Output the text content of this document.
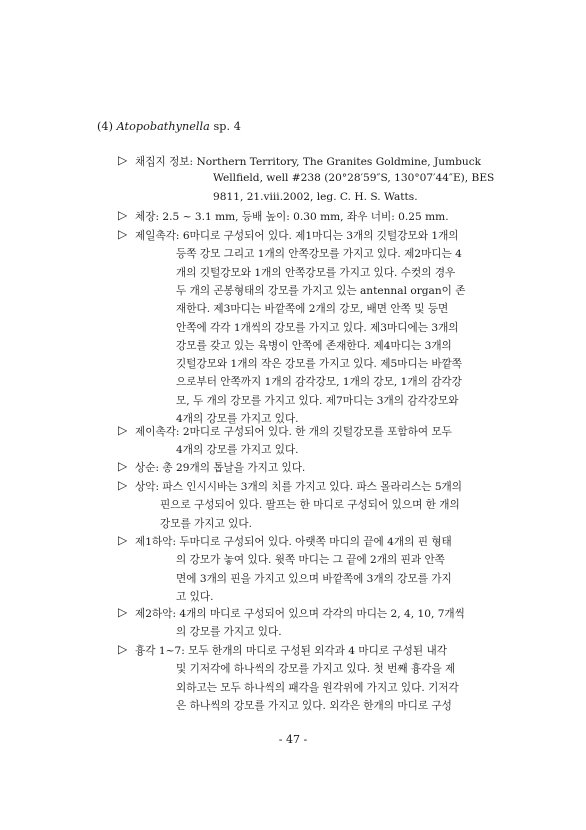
(4) Atopobathynella sp. 4
▷ 채집지 정보: Northern Territory, The Granites Goldmine, Jumbuck
Wellfield, well #238 (20°28′59″S, 130°07′44″E), BES
9811, 21.viii.2002, leg. C. H. S. Watts.
▷ 체장: 2.5 ~ 3.1 mm, 등배 높이: 0.30 mm, 좌우 너비: 0.25 mm.
▷ 제일촉각: 6마디로 구성되어 있다. 제1마디는 3개의 깃털강모와 1개의
등쪽 강모 그리고 1개의 안쪽강모를 가지고 있다. 제2마디는 4
개의 깃털강모와 1개의 안쪽강모를 가지고 있다. 수컷의 경우
두 개의 곤봉형태의 강모를 가지고 있는 antennal organ이 존
재한다. 제3마디는 바깥쪽에 2개의 강모, 배면 안쪽 및 등면
안쪽에 각각 1개씩의 강모를 가지고 있다. 제3마디에는 3개의
강모를 갖고 있는 육병이 안쪽에 존재한다. 제4마디는 3개의
깃털강모와 1개의 작은 강모를 가지고 있다. 제5마디는 바깥쪽
으로부터 안쪽까지 1개의 감각강모, 1개의 강모, 1개의 감각강
모, 두 개의 강모를 가지고 있다. 제7마디는 3개의 감각강모와
4개의 강모를 가지고 있다.
▷ 제이촉각: 2마디로 구성되어 있다. 한 개의 깃털강모를 포함하여 모두
4개의 강모를 가지고 있다.
▷ 상순: 총 29개의 톱날을 가지고 있다.
▷ 상악: 파스 인시시바는 3개의 치를 가지고 있다. 파스 몰라리스는 5개의
핀으로 구성되어 있다. 팔프는 한 마디로 구성되어 있으며 한 개의
강모를 가지고 있다.
▷ 제1하악: 두마디로 구성되어 있다. 아랫쪽 마디의 끝에 4개의 핀 형태
의 강모가 놓여 있다. 윗쪽 마디는 그 끝에 2개의 핀과 안쪽
면에 3개의 핀을 가지고 있으며 바깥쪽에 3개의 강모를 가지
고 있다.
▷ 제2하악: 4개의 마디로 구성되어 있으며 각각의 마디는 2, 4, 10, 7개씩
의 강모를 가지고 있다.
▷ 흉각 1~7: 모두 한개의 마디로 구성된 외각과 4 마디로 구성된 내각
및 기저각에 하나씩의 강모를 가지고 있다. 첫 번째 흉각을 제
외하고는 모두 하나씩의 패각을 원각위에 가지고 있다. 기저각
은 하나씩의 강모를 가지고 있다. 외각은 한개의 마디로 구성
- 47 -
